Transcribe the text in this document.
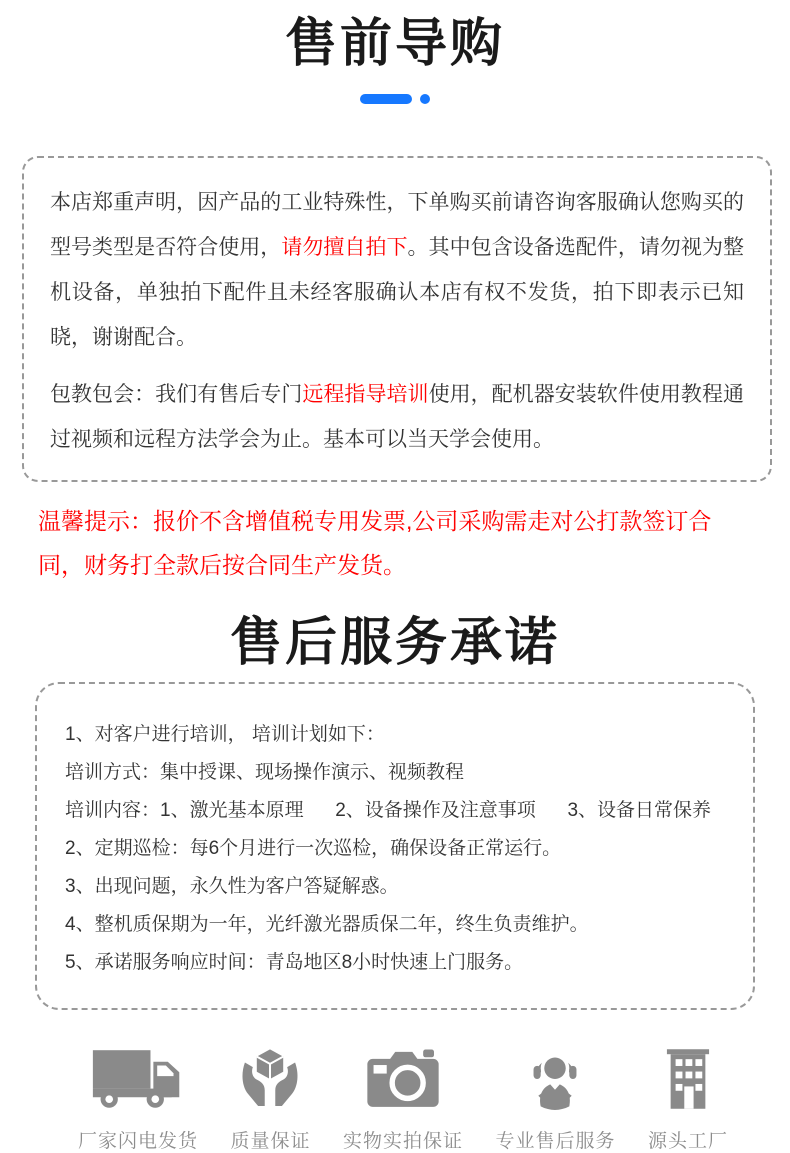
售前导购

本店郑重声明，因产品的工业特殊性，下单购买前请咨询客服确认您购买的型号类型是否符合使用，请勿擅自拍下。其中包含设备选配件，请勿视为整机设备，单独拍下配件且未经客服确认本店有权不发货，拍下即表示已知晓，谢谢配合。

包教包会：我们有售后专门远程指导培训使用，配机器安装软件使用教程通过视频和远程方法学会为止。基本可以当天学会使用。

温馨提示：报价不含增值税专用发票,公司采购需走对公打款签订合同，财务打全款后按合同生产发货。
售后服务承诺
1、对客户进行培训， 培训计划如下：
培训方式：集中授课、现场操作演示、视频教程
培训内容：1、激光基本原理      2、设备操作及注意事项      3、设备日常保养
2、定期巡检：每6个月进行一次巡检，确保设备正常运行。
3、出现问题，永久性为客户答疑解惑。
4、整机质保期为一年，光纤激光器质保二年，终生负责维护。
5、承诺服务响应时间：青岛地区8小时快速上门服务。
厂家闪电发货 质量保证 实物实拍保证 专业售后服务 源头工厂
